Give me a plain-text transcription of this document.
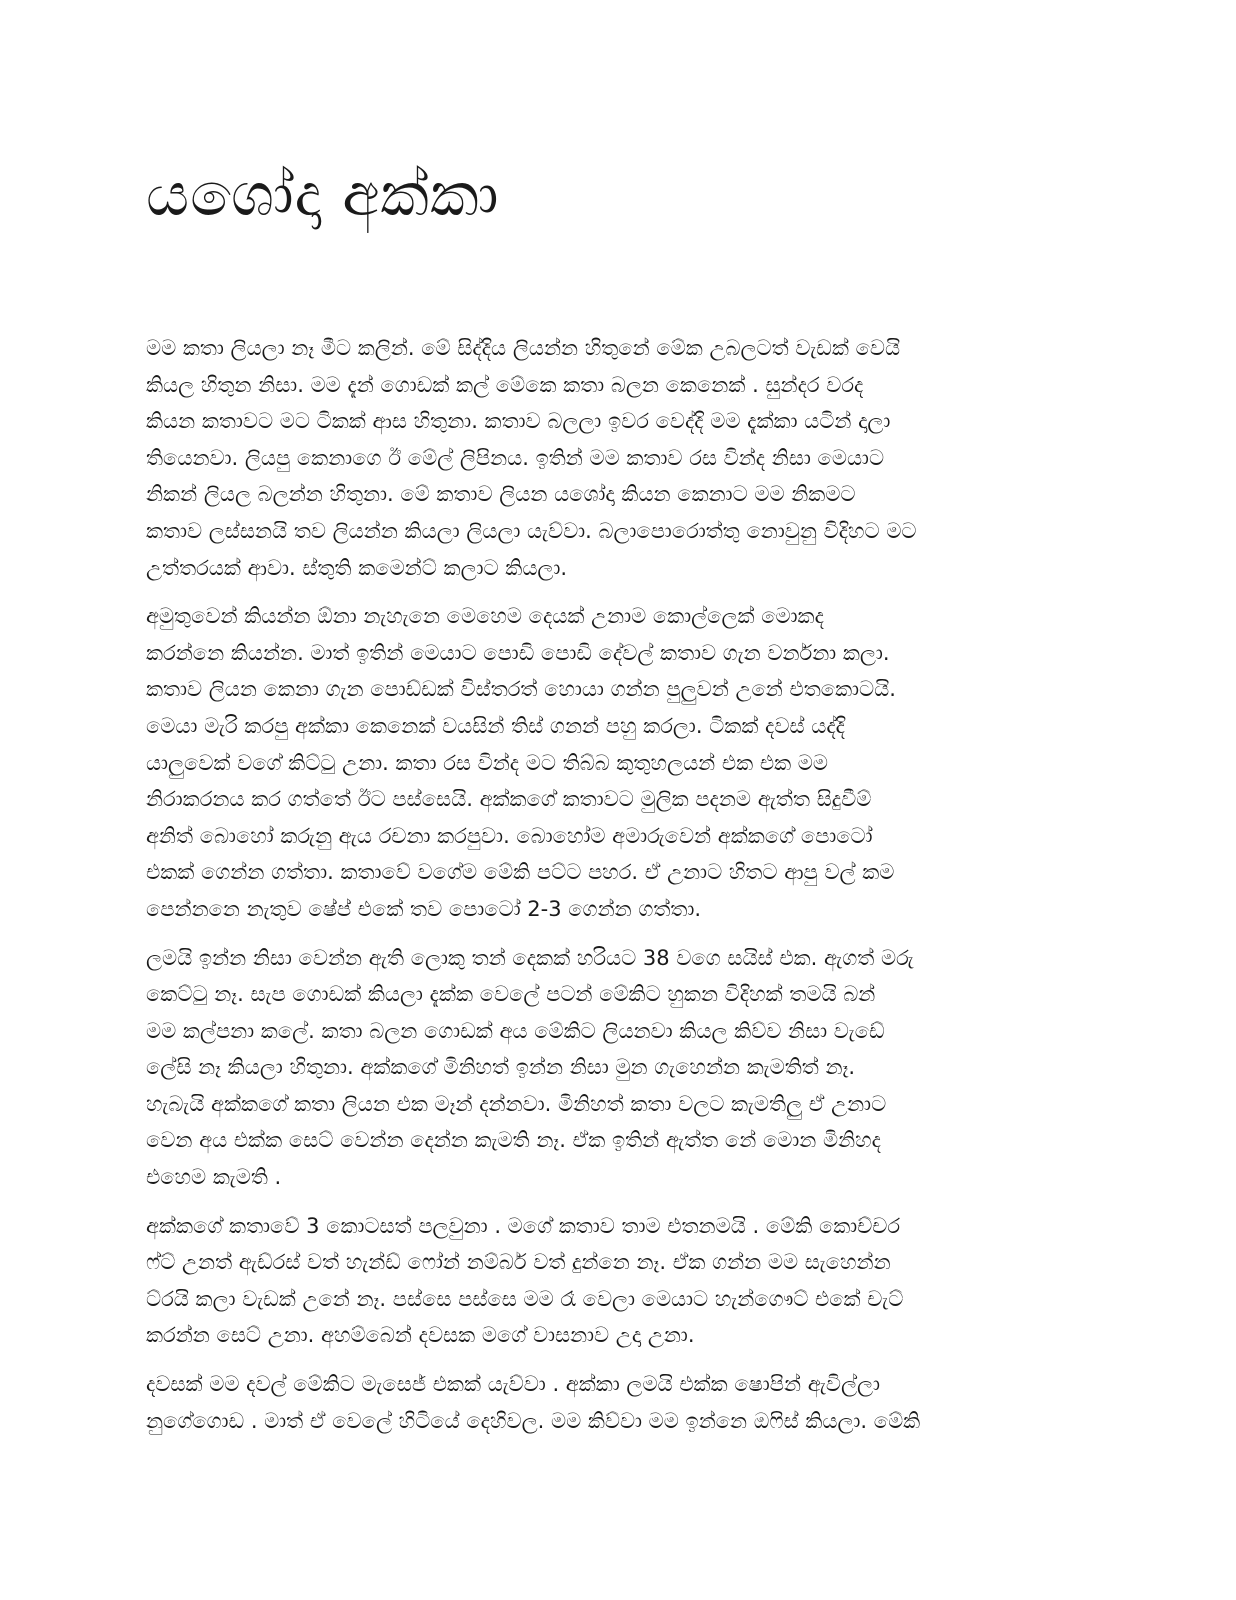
යශෝදා අක්කා

මම කතා ලියලා නෑ මීට කලින්. මේ සිද්දිය ලියන්න හිතුනේ මේක උබලටත් වැඩක් වෙයි
කියල හිතුන නිසා. මම දැන් ගොඩක් කල් මේකෙ කතා බලන කෙනෙක් . සුන්දර වරද
කියන කතාවට මට ටිකක් ආස හිතුනා. කතාව බලලා ඉවර වෙද්දි මම දැක්කා යටින් දාලා
තියෙනවා. ලියපු කෙනාගෙ ඊ මේල් ලිපිනය. ඉතින් මම කතාව රස වින්ද නිසා මෙයාට
නිකන් ලියල බලන්න හිතුනා. මේ කතාව ලියන යශෝදා කියන කෙනාට මම නිකමට
කතාව ලස්සනයි තව ලියන්න කියලා ලියලා යැව්වා. බලාපොරොත්තු නොවුනු විදිහට මට
උත්තරයක් ආවා. ස්තුති කමෙන්ට් කලාට කියලා.

අමුතුවෙන් කියන්න ඕනා නැහැනෙ මෙහෙම දෙයක් උනාම කොල්ලෙක් මොකද
කරන්නෙ කියන්න. මාත් ඉතින් මෙයාට පොඩි පොඩි දේවල් කතාව ගැන වර්නනා කලා.
කතාව ලියන කෙනා ගැන පොඩ්ඩක් විස්තරත් හොයා ගන්න පුලුවන් උනේ එතකොටයි.
මෙයා මැරි කරපු අක්කා කෙනෙක් වයසින් තිස් ගනන් පහු කරලා. ටිකක් දවස් යද්දි
යාලුවෙක් වගේ කිට්ටු උනා. කතා රස වින්ද මට තිබ්බ කුතුහලයන් එක එක මම
නිරාකරනය කර ගත්තේ ඊට පස්සෙයි. අක්කගේ කතාවට මුලික පදනම ඇත්ත සිදුවීම්
අනිත් බොහෝ කරුනු ඇය රචනා කරපුවා. බොහෝම අමාරුවෙන් අක්කගේ පොටෝ
එකක් ගෙන්න ගත්තා. කතාවේ වගේම මේකි පට්ට පහර. ඒ උනාට හිතට ආපු වල් කම
පෙන්නනෙ නැතුව ෂේප් එකේ තව පොටෝ 2-3 ගෙන්න ගත්තා.

ලමයි ඉන්න නිසා වෙන්න ඇති ලොකු තන් දෙකක් හරියට 38 වගෙ සයිස් එක. ඇගත් මරු
කෙට්ටු නෑ. සැප ගොඩක් කියලා දැක්ක වෙලේ පටන් මේකිට හුකන විදිහක් තමයි බන්
මම කල්පනා කලේ. කතා බලන ගොඩක් අය මේකිට ලියනවා කියල කිව්ව නිසා වැඩේ
ලේසි නෑ කියලා හිතුනා. අක්කගේ මිනිහත් ඉන්න නිසා මුන ගැහෙන්න කැමතිත් නෑ.
හැබැයි අක්කගේ කතා ලියන එක මෑන් දන්නවා. මිනිහත් කතා වලට කැමතිලු ඒ උනාට
වෙන අය එක්ක සෙට් වෙන්න දෙන්න කැමති නෑ. ඒක ඉතින් ඇත්ත නේ මොන මිනිහද
එහෙම කැමති .

අක්කගේ කතාවේ 3 කොටසත් පලවුනා . මගේ කතාව තාම එතනමයි . මේකි කොච්චර
ෆ්ට් උනත් ඇඩ්රස් වත් හැන්ඩ් ෆෝන් නම්බර් වත් දුන්නෙ නෑ. ඒක ගන්න මම සැහෙන්න
ට්රයි කලා වැඩක් උනේ නෑ. පස්සෙ පස්සෙ මම රෑ වෙලා මෙයාට හැන්ගෞට් එකේ චැට්
කරන්න සෙට් උනා. අහම්බෙන් දවසක මගේ වාසනාව උදා උනා.

දවසක් මම දවල් මේකිට මැසෙජ් එකක් යැව්වා . අක්කා ලමයි එක්ක ෂොපින් ඇවිල්ලා
නුගේගොඩ . මාත් ඒ වෙලේ හිටියේ දෙහිවල. මම කිව්වා මම ඉන්නෙ ඔෆිස් කියලා. මේකි
